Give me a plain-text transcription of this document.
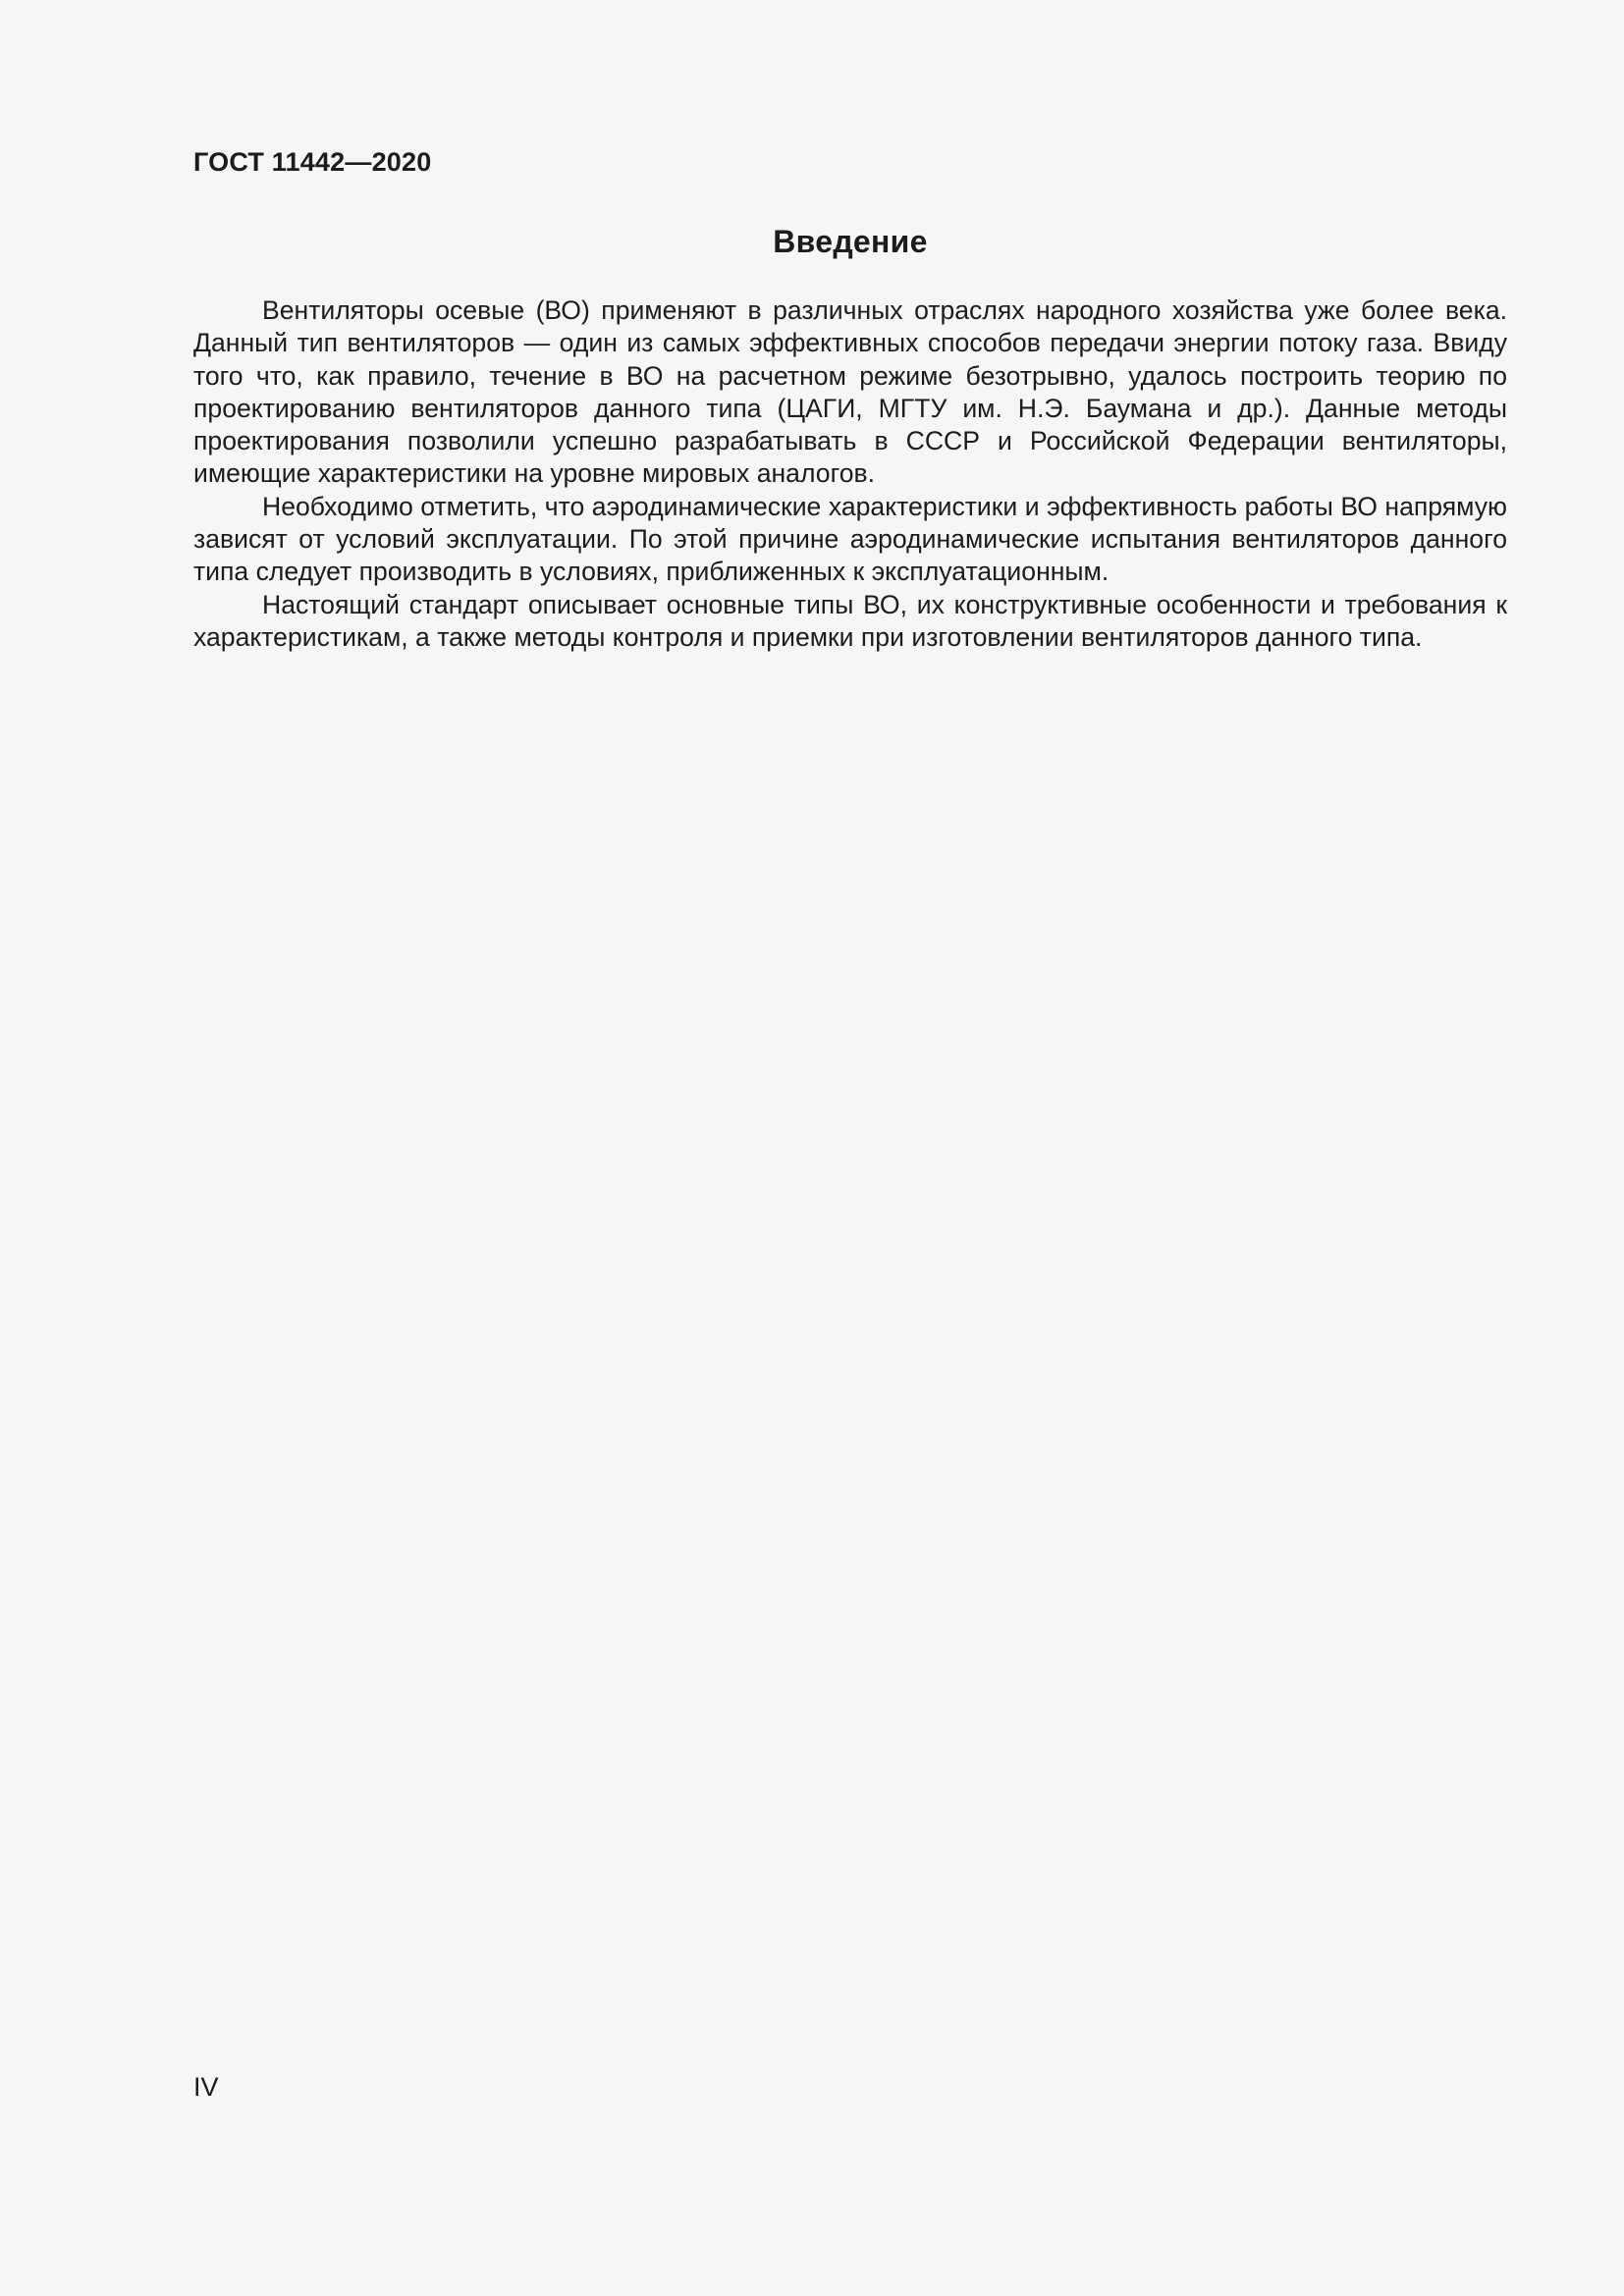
ГОСТ 11442—2020
Введение

Вентиляторы осевые (ВО) применяют в различных отраслях народного хозяйства уже более века. Данный тип вентиляторов — один из самых эффективных способов передачи энергии потоку газа. Ввиду того что, как правило, течение в ВО на расчетном режиме безотрывно, удалось построить теорию по проектированию вентиляторов данного типа (ЦАГИ, МГТУ им. Н.Э. Баумана и др.). Данные методы проектирования позволили успешно разрабатывать в СССР и Российской Федерации вентиляторы, имеющие характеристики на уровне мировых аналогов.

Необходимо отметить, что аэродинамические характеристики и эффективность работы ВО напрямую зависят от условий эксплуатации. По этой причине аэродинамические испытания вентиляторов данного типа следует производить в условиях, приближенных к эксплуатационным.

Настоящий стандарт описывает основные типы ВО, их конструктивные особенности и требования к характеристикам, а также методы контроля и приемки при изготовлении вентиляторов данного типа.

IV
